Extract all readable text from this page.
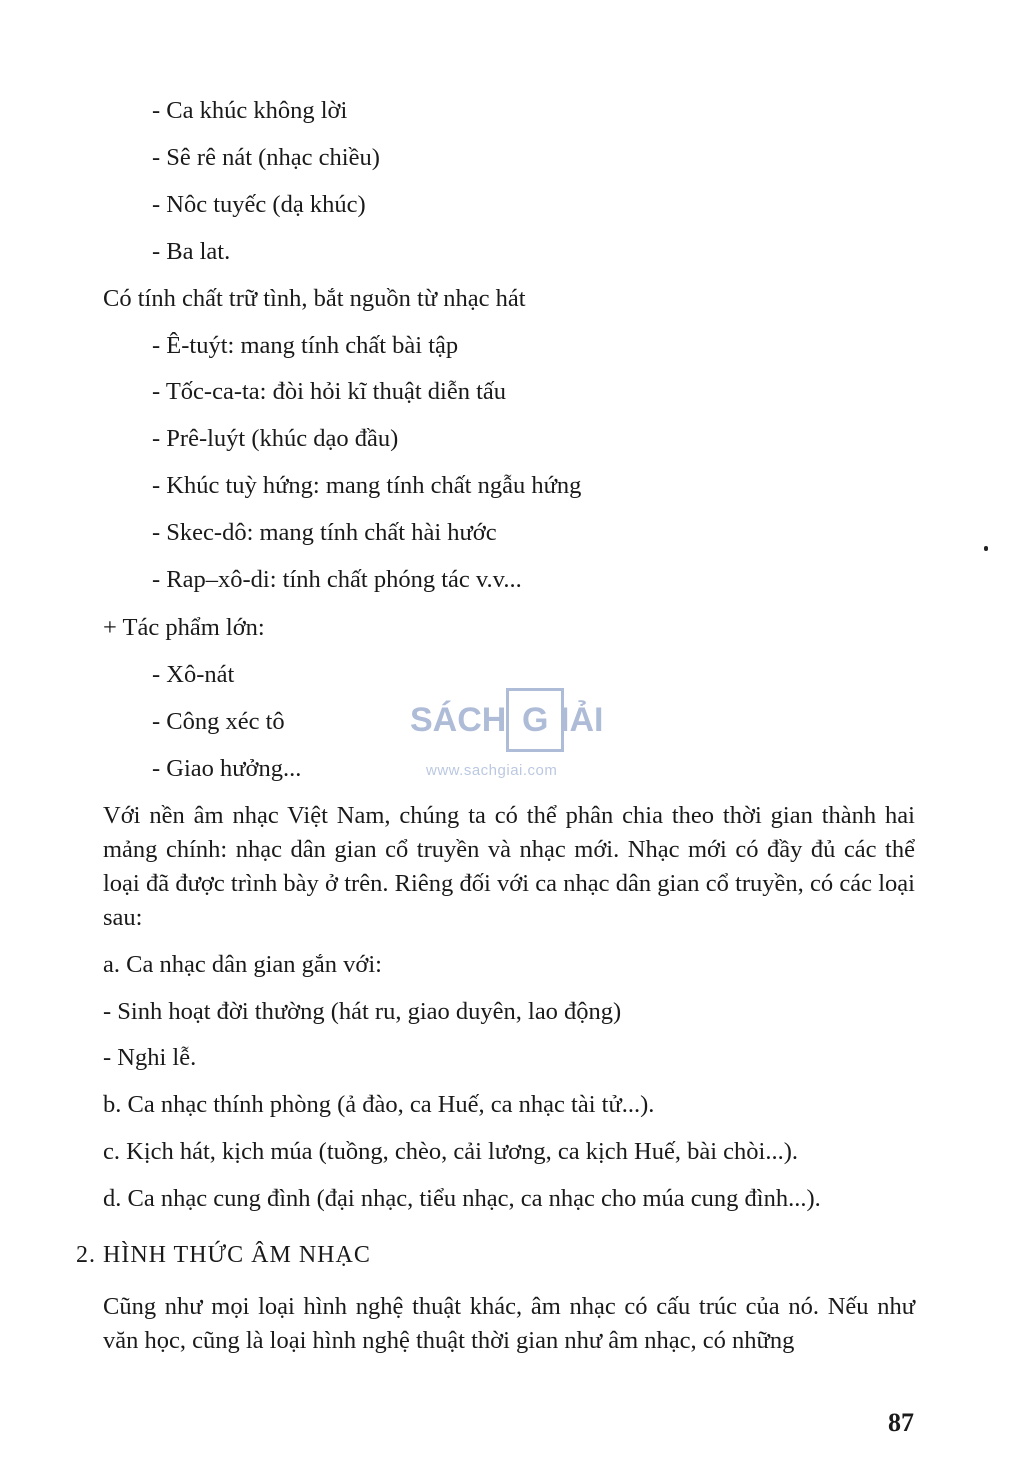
- Ca khúc không lời
- Sê rê nát (nhạc chiều)
- Nôc tuyếc (dạ khúc)
- Ba lat.
Có tính chất trữ tình, bắt nguồn từ nhạc hát
- Ê-tuýt: mang tính chất bài tập
- Tốc-ca-ta: đòi hỏi kĩ thuật diễn tấu
- Prê-luýt (khúc dạo đầu)
- Khúc tuỳ hứng: mang tính chất ngẫu hứng
- Skec-dô: mang tính chất hài hước
- Rap–xô-di: tính chất phóng tác v.v...
+ Tác phẩm lớn:
- Xô-nát
- Công xéc tô
- Giao hưởng...
Với nền âm nhạc Việt Nam, chúng ta có thể phân chia theo thời gian thành hai mảng chính: nhạc dân gian cổ truyền và nhạc mới. Nhạc mới có đầy đủ các thể loại đã được trình bày ở trên. Riêng đối với ca nhạc dân gian cổ truyền, có các loại sau:
a. Ca nhạc dân gian gắn với:
- Sinh hoạt đời thường (hát ru, giao duyên, lao động)
- Nghi lễ.
b. Ca nhạc thính phòng (ả đào, ca Huế, ca nhạc tài tử...).
c. Kịch hát, kịch múa (tuồng, chèo, cải lương, ca kịch Huế, bài chòi...).
d. Ca nhạc cung đình (đại nhạc, tiểu nhạc, ca nhạc cho múa cung đình...).
2. HÌNH THỨC ÂM NHẠC
Cũng như mọi loại hình nghệ thuật khác, âm nhạc có cấu trúc của nó. Nếu như văn học, cũng là loại hình nghệ thuật thời gian như âm nhạc, có những
87
SÁCH G IẢI
www.sachgiai.com
